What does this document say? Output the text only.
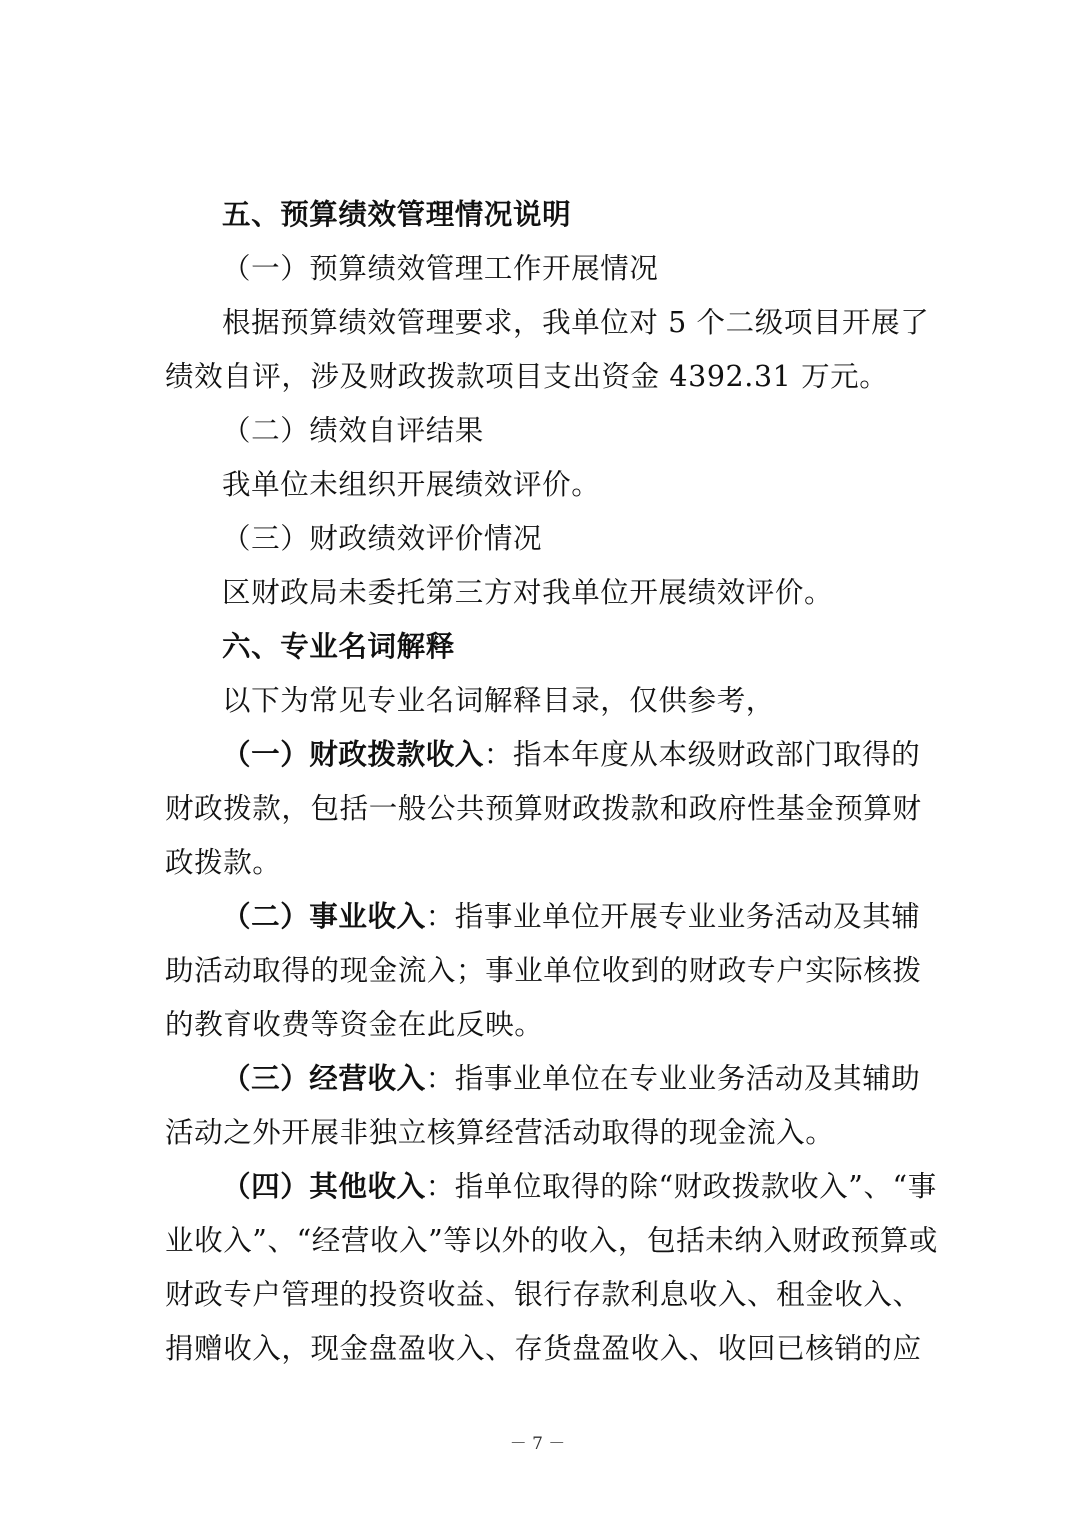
五、预算绩效管理情况说明
（一）预算绩效管理工作开展情况
根据预算绩效管理要求，我单位对 5 个二级项目开展了
绩效自评，涉及财政拨款项目支出资金 4392.31 万元。
（二）绩效自评结果
我单位未组织开展绩效评价。
（三）财政绩效评价情况
区财政局未委托第三方对我单位开展绩效评价。
六、专业名词解释
以下为常见专业名词解释目录，仅供参考，
（一）财政拨款收入：指本年度从本级财政部门取得的
财政拨款，包括一般公共预算财政拨款和政府性基金预算财
政拨款。
（二）事业收入：指事业单位开展专业业务活动及其辅
助活动取得的现金流入；事业单位收到的财政专户实际核拨
的教育收费等资金在此反映。
（三）经营收入：指事业单位在专业业务活动及其辅助
活动之外开展非独立核算经营活动取得的现金流入。
（四）其他收入：指单位取得的除“财政拨款收入”、“事
业收入”、“经营收入”等以外的收入，包括未纳入财政预算或
财政专户管理的投资收益、银行存款利息收入、租金收入、
捐赠收入，现金盘盈收入、存货盘盈收入、收回已核销的应
－ 7 －
